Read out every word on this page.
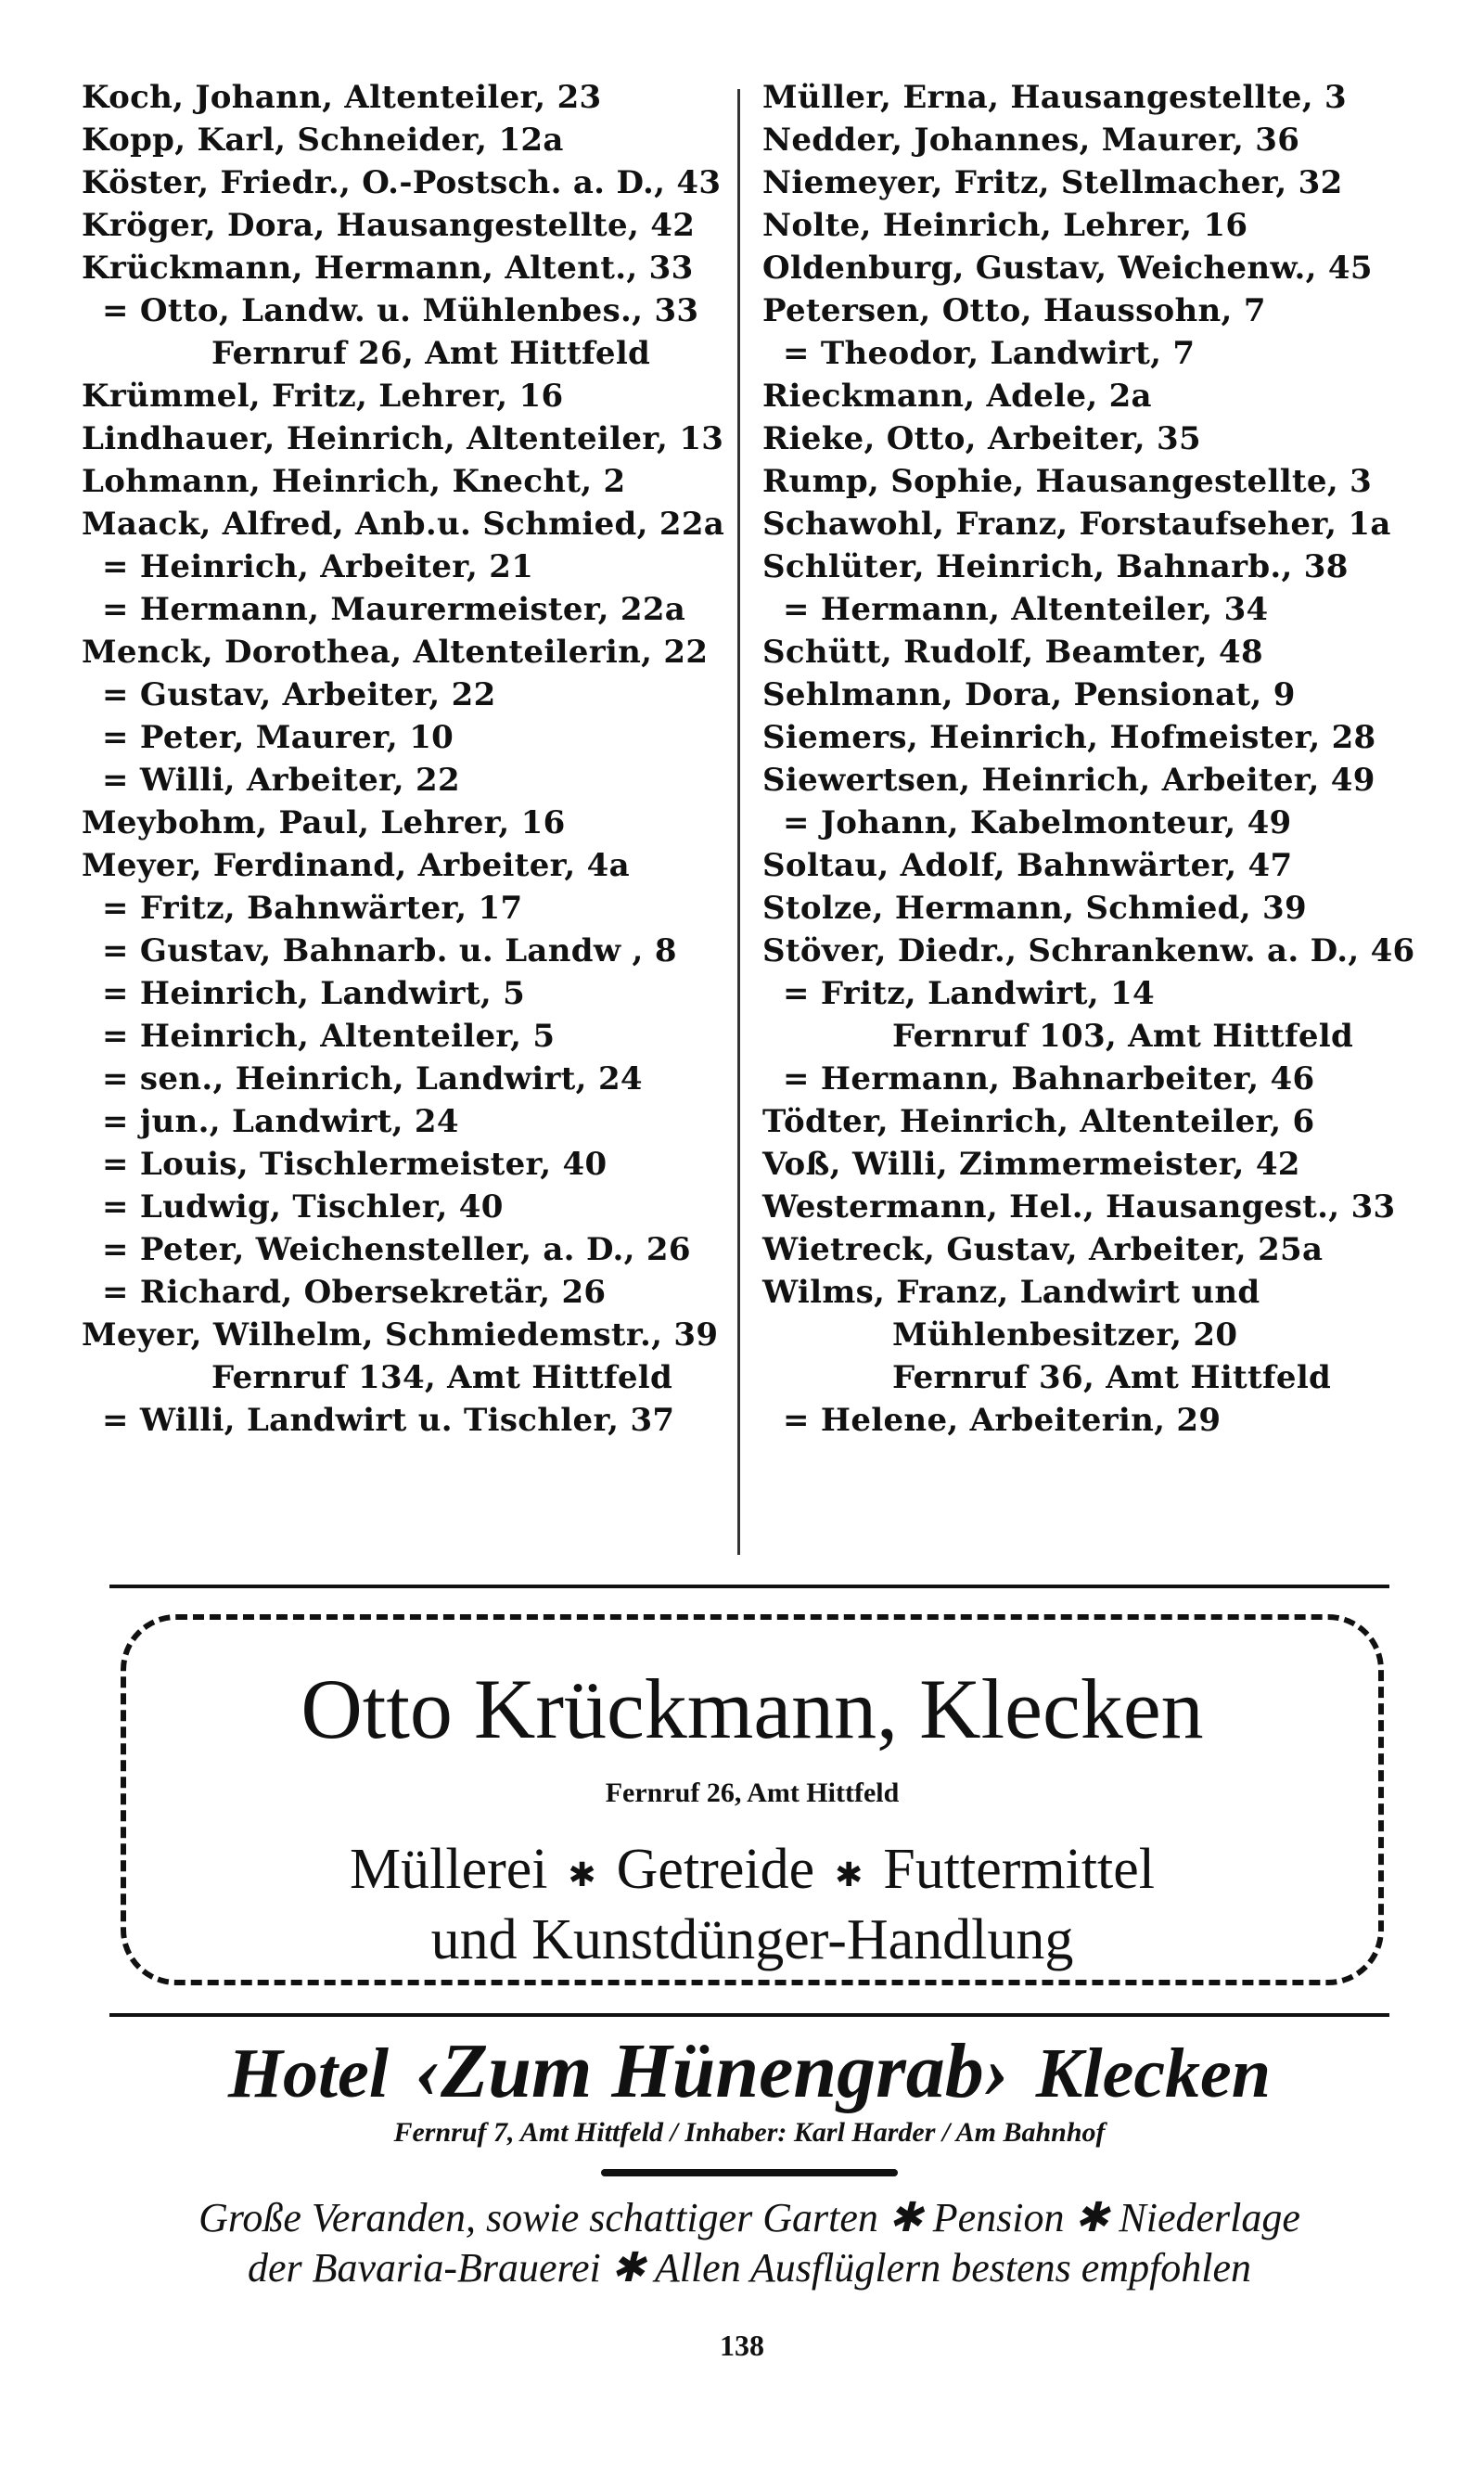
Koch, Johann, Altenteiler, 23
Kopp, Karl, Schneider, 12a
Köster, Friedr., O.-Postsch. a. D., 43
Kröger, Dora, Hausangestellte, 42
Krückmann, Hermann, Altent., 33
= Otto, Landw. u. Mühlenbes., 33
Fernruf 26, Amt Hittfeld
Krümmel, Fritz, Lehrer, 16
Lindhauer, Heinrich, Altenteiler, 13
Lohmann, Heinrich, Knecht, 2
Maack, Alfred, Anb.u. Schmied, 22a
= Heinrich, Arbeiter, 21
= Hermann, Maurermeister, 22a
Menck, Dorothea, Altenteilerin, 22
= Gustav, Arbeiter, 22
= Peter, Maurer, 10
= Willi, Arbeiter, 22
Meybohm, Paul, Lehrer, 16
Meyer, Ferdinand, Arbeiter, 4a
= Fritz, Bahnwärter, 17
= Gustav, Bahnarb. u. Landw , 8
= Heinrich, Landwirt, 5
= Heinrich, Altenteiler, 5
= sen., Heinrich, Landwirt, 24
= jun., Landwirt, 24
= Louis, Tischlermeister, 40
= Ludwig, Tischler, 40
= Peter, Weichensteller, a. D., 26
= Richard, Obersekretär, 26
Meyer, Wilhelm, Schmiedemstr., 39
Fernruf 134, Amt Hittfeld
= Willi, Landwirt u. Tischler, 37
Müller, Erna, Hausangestellte, 3
Nedder, Johannes, Maurer, 36
Niemeyer, Fritz, Stellmacher, 32
Nolte, Heinrich, Lehrer, 16
Oldenburg, Gustav, Weichenw., 45
Petersen, Otto, Haussohn, 7
= Theodor, Landwirt, 7
Rieckmann, Adele, 2a
Rieke, Otto, Arbeiter, 35
Rump, Sophie, Hausangestellte, 3
Schawohl, Franz, Forstaufseher, 1a
Schlüter, Heinrich, Bahnarb., 38
= Hermann, Altenteiler, 34
Schütt, Rudolf, Beamter, 48
Sehlmann, Dora, Pensionat, 9
Siemers, Heinrich, Hofmeister, 28
Siewertsen, Heinrich, Arbeiter, 49
= Johann, Kabelmonteur, 49
Soltau, Adolf, Bahnwärter, 47
Stolze, Hermann, Schmied, 39
Stöver, Diedr., Schrankenw. a. D., 46
= Fritz, Landwirt, 14
Fernruf 103, Amt Hittfeld
= Hermann, Bahnarbeiter, 46
Tödter, Heinrich, Altenteiler, 6
Voß, Willi, Zimmermeister, 42
Westermann, Hel., Hausangest., 33
Wietreck, Gustav, Arbeiter, 25a
Wilms, Franz, Landwirt und
Mühlenbesitzer, 20
Fernruf 36, Amt Hittfeld
= Helene, Arbeiterin, 29
Otto Krückmann, Klecken
Fernruf 26, Amt Hittfeld
Müllerei ✱ Getreide ✱ Futtermittel
und Kunstdünger-Handlung
Hotel ‹Zum Hünengrab› Klecken
Fernruf 7, Amt Hittfeld / Inhaber: Karl Harder / Am Bahnhof
Große Veranden, sowie schattiger Garten ✱ Pension ✱ Niederlage
der Bavaria-Brauerei ✱ Allen Ausflüglern bestens empfohlen
138
